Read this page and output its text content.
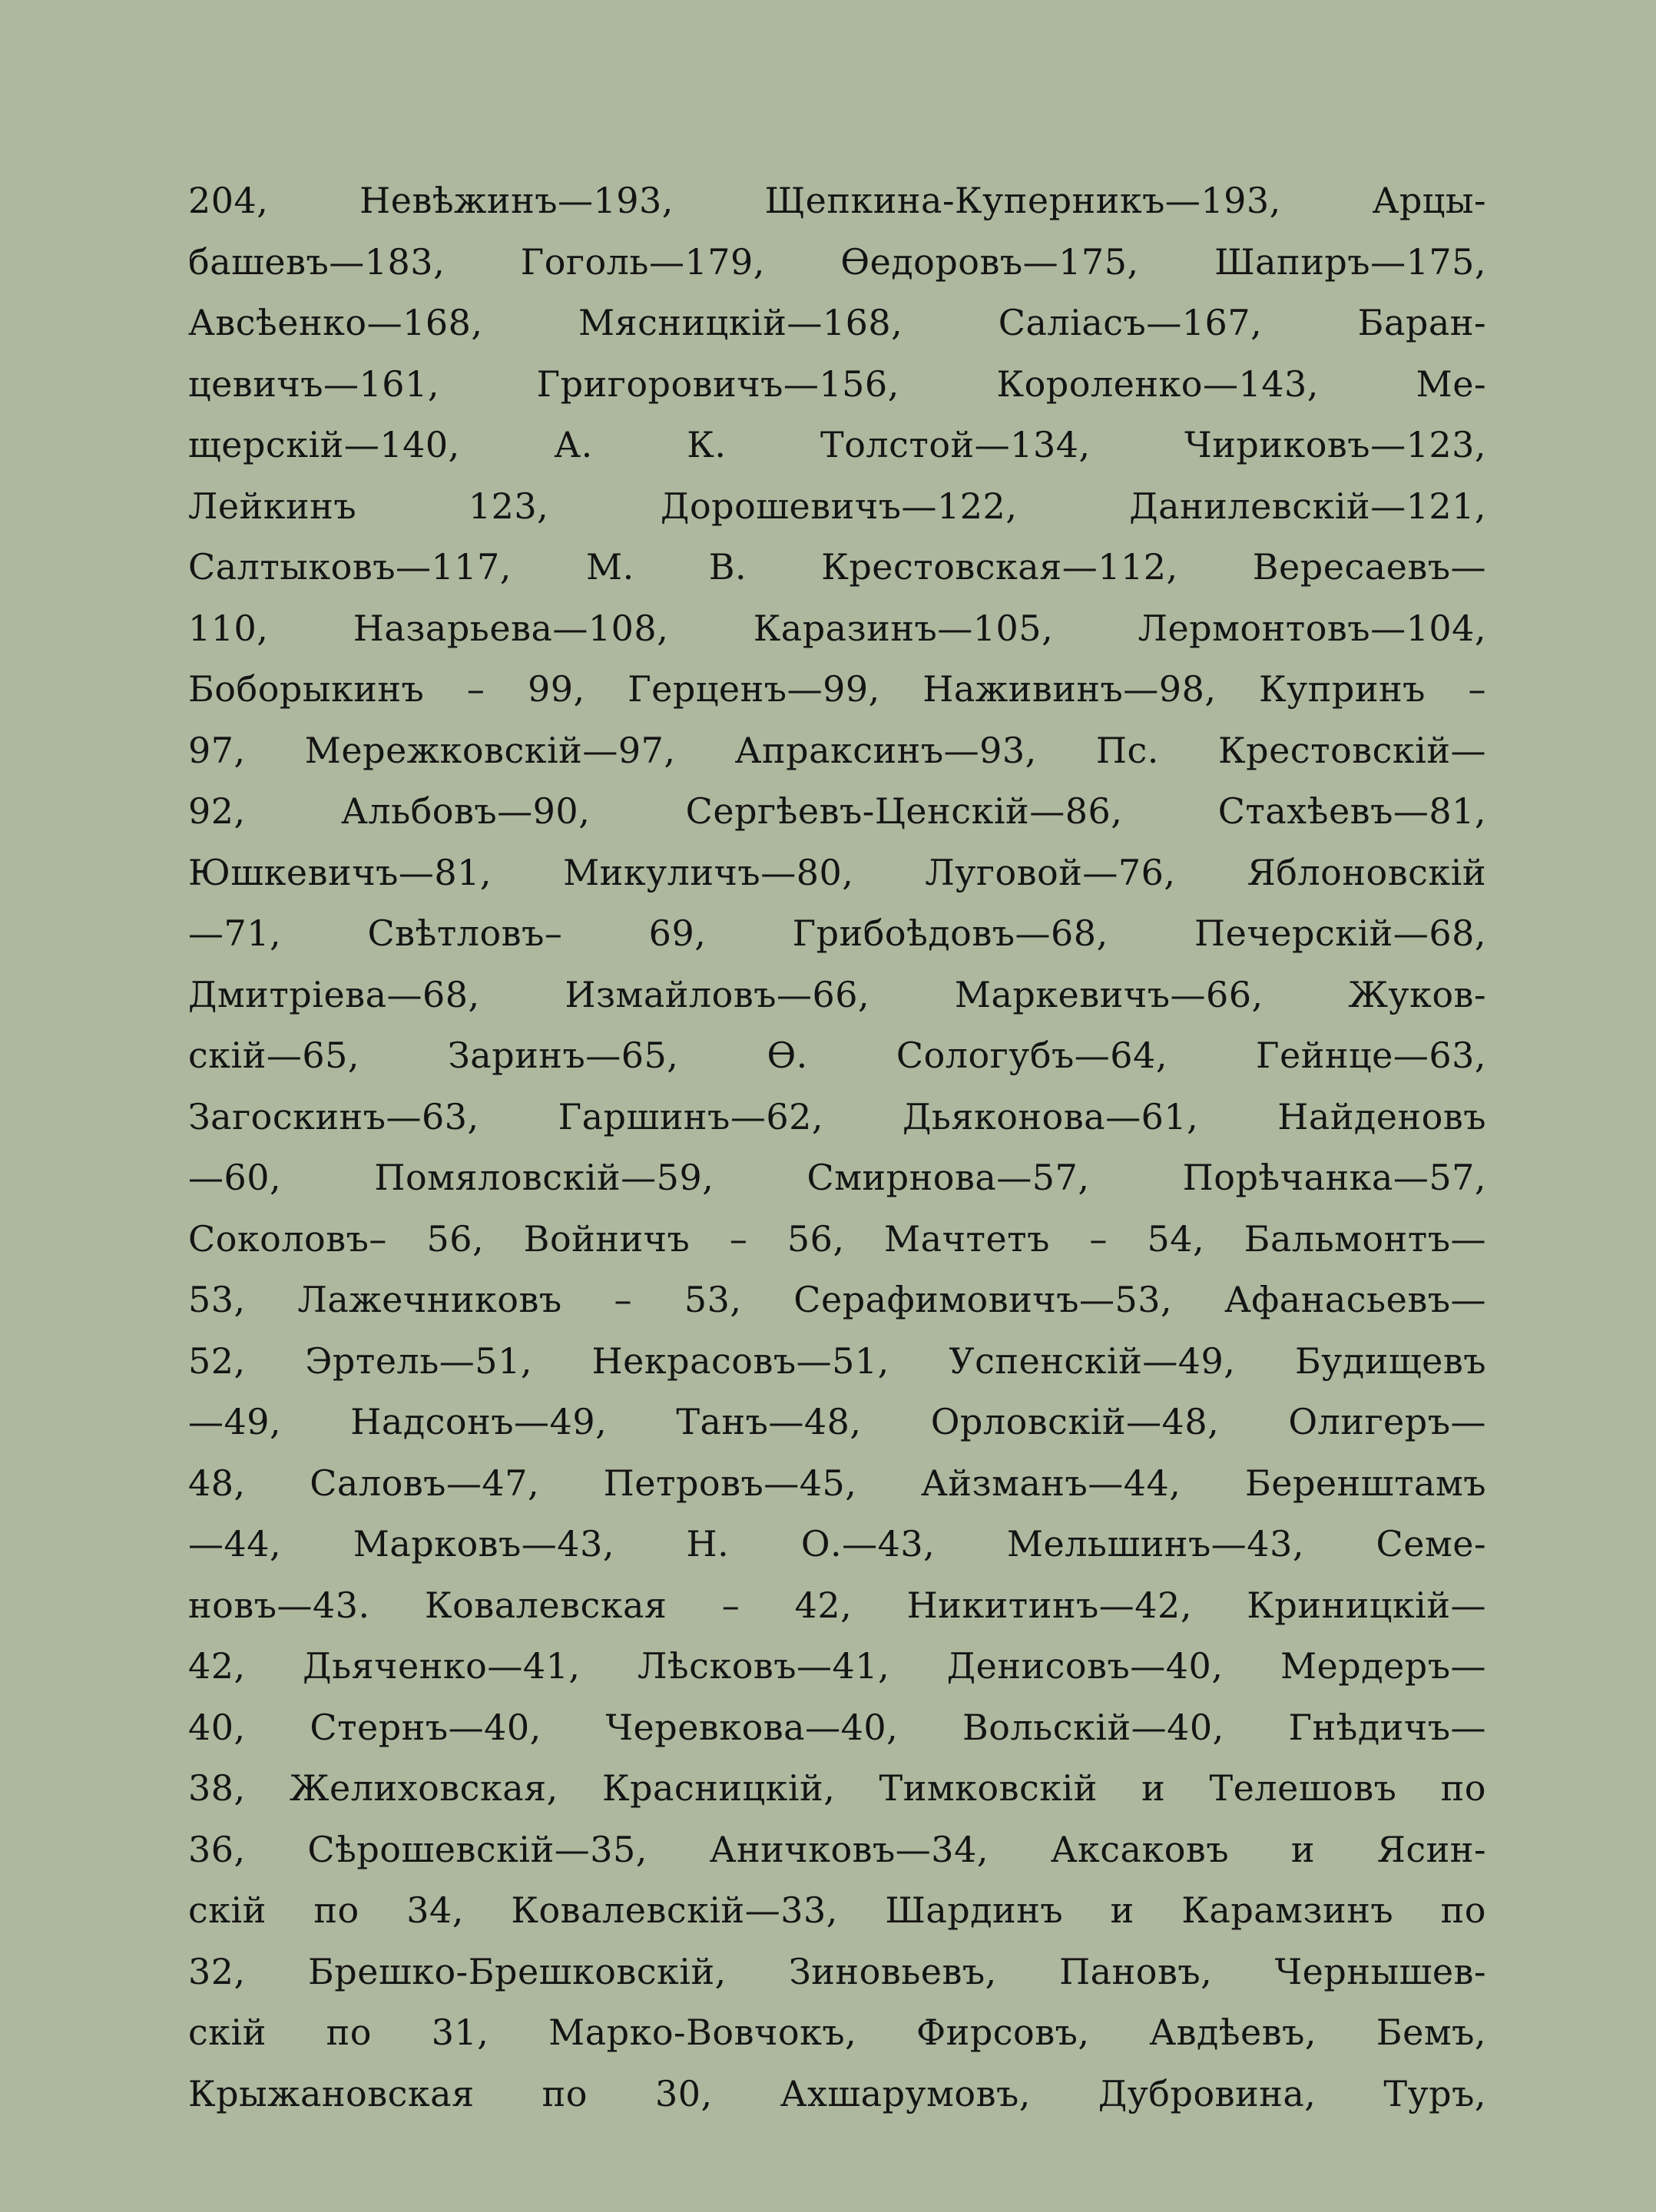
204, Невѣжинъ—193, Щепкина-Куперникъ—193, Арцы-
башевъ—183, Гоголь—179, Өедоровъ—175, Шапиръ—175,
Авсѣенко—168, Мясницкій—168, Саліасъ—167, Баран-
цевичъ—161, Григоровичъ—156, Короленко—143, Ме-
щерскій—140, А. К. Толстой—134, Чириковъ—123,
Лейкинъ 123, Дорошевичъ—122, Данилевскій—121,
Салтыковъ—117, М. В. Крестовская—112, Вересаевъ—
110, Назарьева—108, Каразинъ—105, Лермонтовъ—104,
Боборыкинъ – 99, Герценъ—99, Наживинъ—98, Купринъ –
97, Мережковскій—97, Апраксинъ—93, Пс. Крестовскій—
92, Альбовъ—90, Сергѣевъ-Ценскій—86, Стахѣевъ—81,
Юшкевичъ—81, Микуличъ—80, Луговой—76, Яблоновскій
—71, Свѣтловъ– 69, Грибоѣдовъ—68, Печерскій—68,
Дмитріева—68, Измайловъ—66, Маркевичъ—66, Жуков-
скій—65, Заринъ—65, Ө. Сологубъ—64, Гейнце—63,
Загоскинъ—63, Гаршинъ—62, Дьяконова—61, Найденовъ
—60, Помяловскій—59, Смирнова—57, Порѣчанка—57,
Соколовъ– 56, Войничъ – 56, Мачтетъ – 54, Бальмонтъ—
53, Лажечниковъ – 53, Серафимовичъ—53, Афанасьевъ—
52, Эртель—51, Некрасовъ—51, Успенскій—49, Будищевъ
—49, Надсонъ—49, Танъ—48, Орловскій—48, Олигеръ—
48, Саловъ—47, Петровъ—45, Айзманъ—44, Беренштамъ
—44, Марковъ—43, Н. О.—43, Мельшинъ—43, Семе-
новъ—43. Ковалевская – 42, Никитинъ—42, Криницкій—
42, Дьяченко—41, Лѣсковъ—41, Денисовъ—40, Мердеръ—
40, Стернъ—40, Черевкова—40, Вольскій—40, Гнѣдичъ—
38, Желиховская, Красницкій, Тимковскій и Телешовъ по
36, Сѣрошевскій—35, Аничковъ—34, Аксаковъ и Ясин-
скій по 34, Ковалевскій—33, Шардинъ и Карамзинъ по
32, Брешко-Брешковскій, Зиновьевъ, Пановъ, Чернышев-
скій по 31, Марко-Вовчокъ, Фирсовъ, Авдѣевъ, Бемъ,
Крыжановская по 30, Ахшарумовъ, Дубровина, Туръ,
